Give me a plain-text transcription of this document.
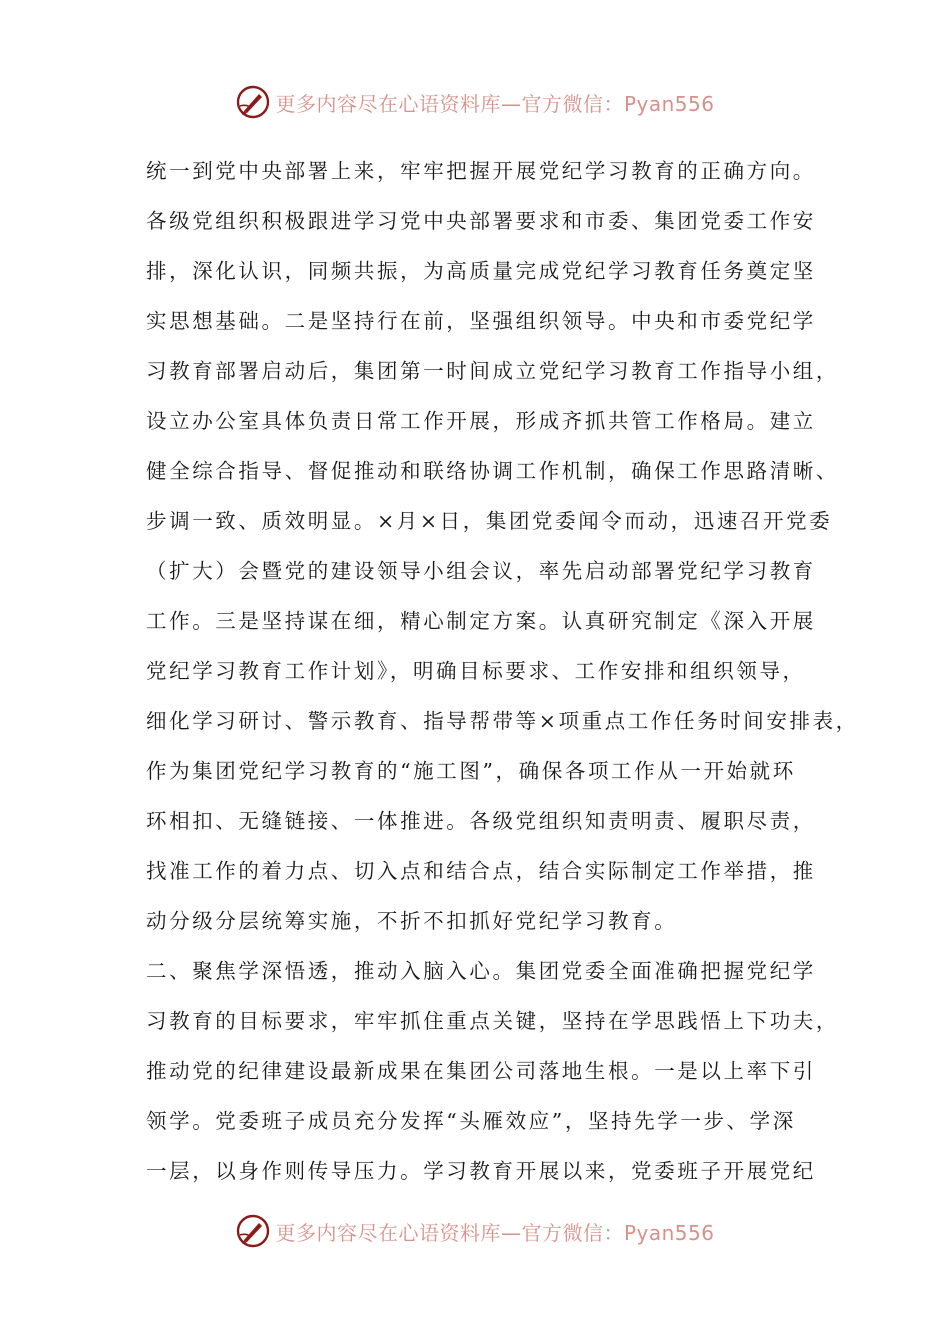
更多内容尽在心语资料库—官方微信：Pyan556
统一到党中央部署上来，牢牢把握开展党纪学习教育的正确方向。
各级党组织积极跟进学习党中央部署要求和市委、集团党委工作安
排，深化认识，同频共振，为高质量完成党纪学习教育任务奠定坚
实思想基础。二是坚持行在前，坚强组织领导。中央和市委党纪学
习教育部署启动后，集团第一时间成立党纪学习教育工作指导小组，
设立办公室具体负责日常工作开展，形成齐抓共管工作格局。建立
健全综合指导、督促推动和联络协调工作机制，确保工作思路清晰、
步调一致、质效明显。×月×日，集团党委闻令而动，迅速召开党委
（扩大）会暨党的建设领导小组会议，率先启动部署党纪学习教育
工作。三是坚持谋在细，精心制定方案。认真研究制定《深入开展
党纪学习教育工作计划》，明确目标要求、工作安排和组织领导，
细化学习研讨、警示教育、指导帮带等×项重点工作任务时间安排表，
作为集团党纪学习教育的“施工图”，确保各项工作从一开始就环
环相扣、无缝链接、一体推进。各级党组织知责明责、履职尽责，
找准工作的着力点、切入点和结合点，结合实际制定工作举措，推
动分级分层统筹实施，不折不扣抓好党纪学习教育。
二、聚焦学深悟透，推动入脑入心。集团党委全面准确把握党纪学
习教育的目标要求，牢牢抓住重点关键，坚持在学思践悟上下功夫，
推动党的纪律建设最新成果在集团公司落地生根。一是以上率下引
领学。党委班子成员充分发挥“头雁效应”，坚持先学一步、学深
一层，以身作则传导压力。学习教育开展以来，党委班子开展党纪
更多内容尽在心语资料库—官方微信：Pyan556
